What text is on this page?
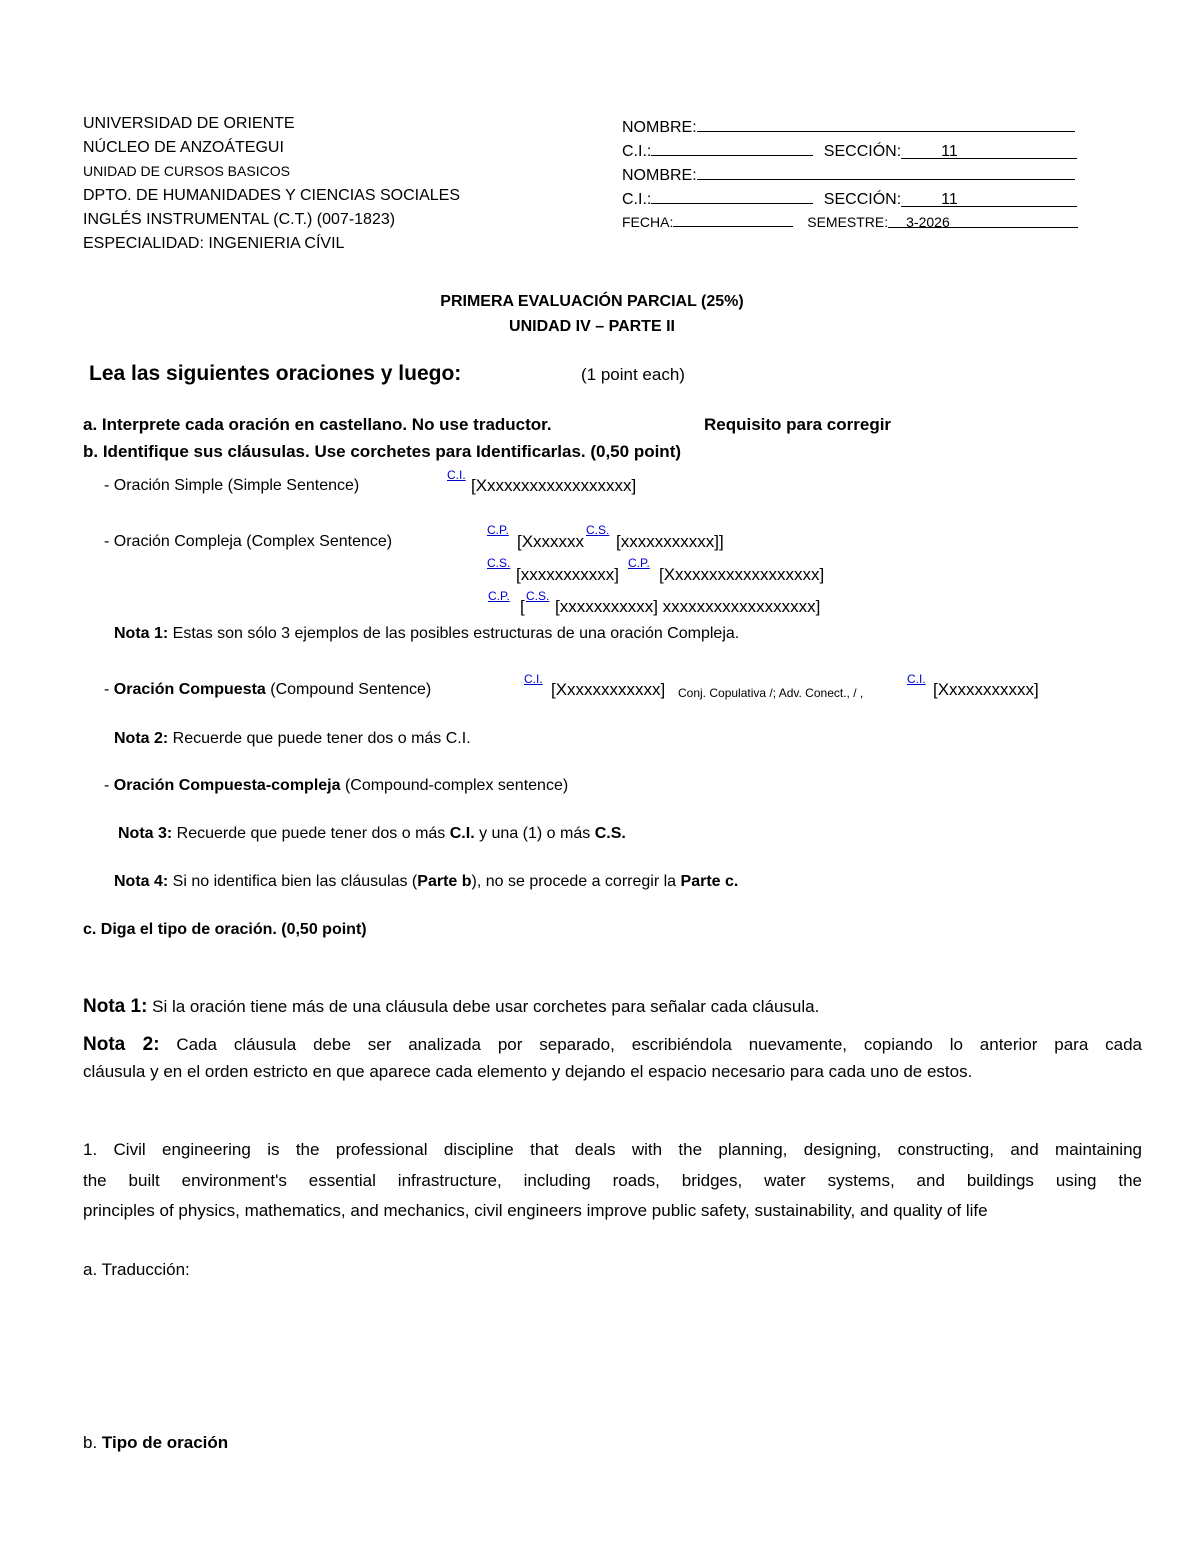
UNIVERSIDAD DE ORIENTE
NÚCLEO DE ANZOÁTEGUI
UNIDAD DE CURSOS BASICOS
DPTO. DE HUMANIDADES Y CIENCIAS SOCIALES
INGLÉS INSTRUMENTAL (C.T.) (007-1823)
ESPECIALIDAD: INGENIERIA CÍVIL
NOMBRE:
C.I.:	SECCIÓN:	11
NOMBRE:
C.I.:	SECCIÓN:	11
FECHA:	SEMESTRE: 3-2026
PRIMERA EVALUACIÓN PARCIAL (25%)
UNIDAD IV – PARTE II
Lea las siguientes oraciones y luego:	(1 point each)
a. Interprete cada oración en castellano. No use traductor.	Requisito para corregir
b. Identifique sus cláusulas. Use corchetes para Identificarlas. (0,50 point)
- Oración Simple (Simple Sentence)
C.I.
[Xxxxxxxxxxxxxxxxxx]
- Oración Compleja (Complex Sentence)
C.P.
[Xxxxxxx
C.S.
[xxxxxxxxxxx]]
C.S.
[xxxxxxxxxxx]
C.P.
[Xxxxxxxxxxxxxxxxxx]
C.P.
[
C.S.
[xxxxxxxxxxx] xxxxxxxxxxxxxxxxxx]
Nota 1: Estas son sólo 3 ejemplos de las posibles estructuras de una oración Compleja.
- Oración Compuesta (Compound Sentence)
C.I.
[Xxxxxxxxxxxx] Conj. Copulativa /; Adv. Conect., / ,
C.I.
[Xxxxxxxxxxx]
Nota 2: Recuerde que puede tener dos o más C.I.
- Oración Compuesta-compleja (Compound-complex sentence)
Nota 3: Recuerde que puede tener dos o más C.I. y una (1) o más C.S.
Nota 4: Si no identifica bien las cláusulas (Parte b), no se procede a corregir la Parte c.
c. Diga el tipo de oración. (0,50 point)
Nota 1: Si la oración tiene más de una cláusula debe usar corchetes para señalar cada cláusula.
Nota 2: Cada cláusula debe ser analizada por separado, escribiéndola nuevamente, copiando lo anterior para cada
cláusula y en el orden estricto en que aparece cada elemento y dejando el espacio necesario para cada uno de estos.
1. Civil engineering is the professional discipline that deals with the planning, designing, constructing, and maintaining
the built environment's essential infrastructure, including roads, bridges, water systems, and buildings using the
principles of physics, mathematics, and mechanics, civil engineers improve public safety, sustainability, and quality of life
a. Traducción:
b. Tipo de oración
